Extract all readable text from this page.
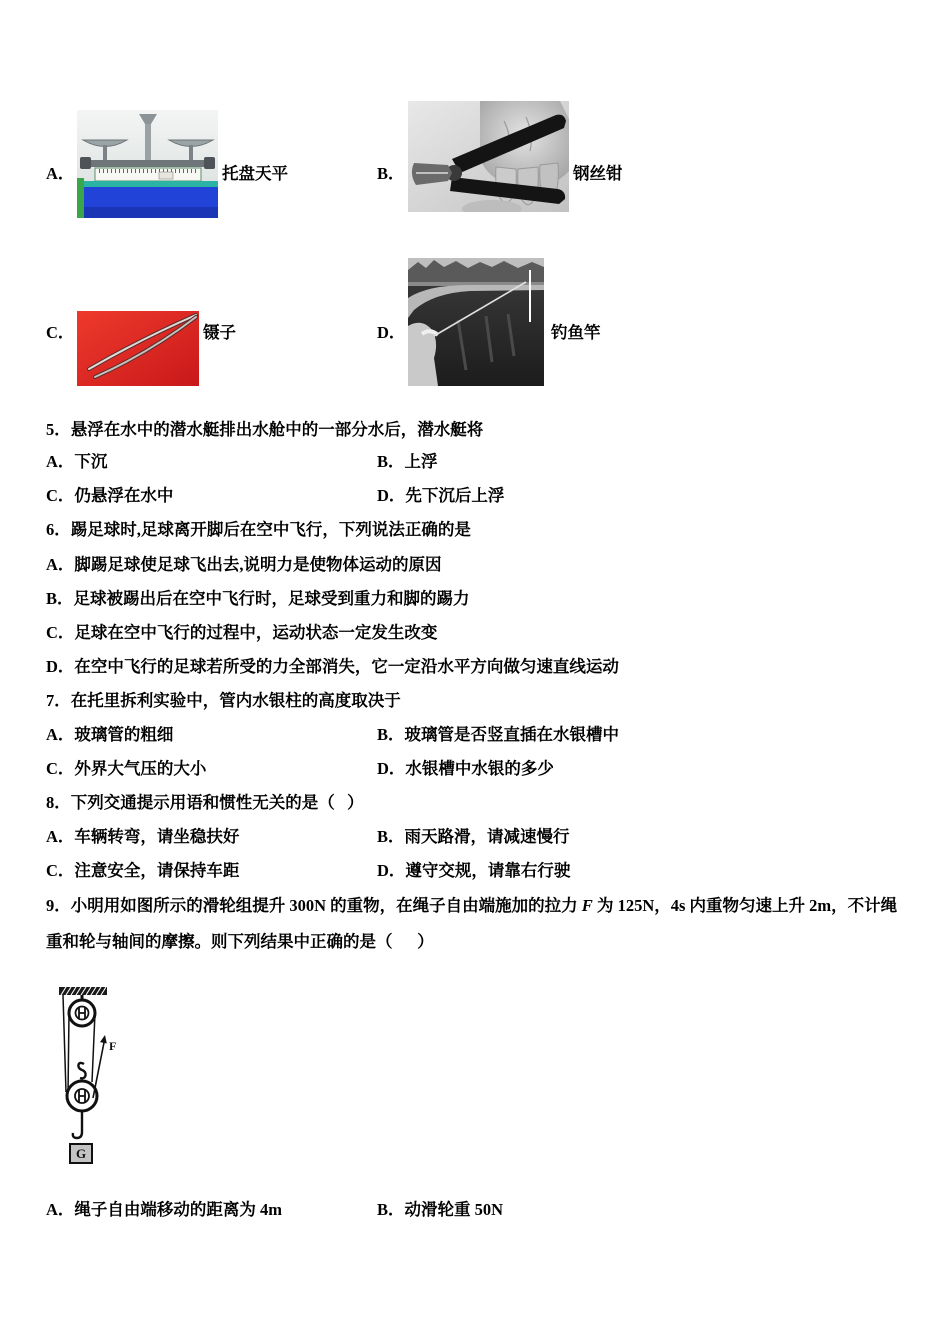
A．	托盘天平	B．	钢丝钳
C．	镊子	D．	钓鱼竿
5．悬浮在水中的潜水艇排出水舱中的一部分水后，潜水艇将
A． 下沉	B． 上浮
C． 仍悬浮在水中	D． 先下沉后上浮
6．踢足球时,足球离开脚后在空中飞行，下列说法正确的是
A． 脚踢足球使足球飞出去,说明力是使物体运动的原因
B． 足球被踢出后在空中飞行时，足球受到重力和脚的踢力
C． 足球在空中飞行的过程中，运动状态一定发生改变
D． 在空中飞行的足球若所受的力全部消失，它一定沿水平方向做匀速直线运动
7．在托里拆利实验中，管内水银柱的高度取决于
A． 玻璃管的粗细	B． 玻璃管是否竖直插在水银槽中
C． 外界大气压的大小	D． 水银槽中水银的多少
8．下列交通提示用语和惯性无关的是（   ）
A． 车辆转弯，请坐稳扶好	B． 雨天路滑，请减速慢行
C． 注意安全，请保持车距	D． 遵守交规，请靠右行驶
9．小明用如图所示的滑轮组提升 300N 的重物，在绳子自由端施加的拉力 F 为 125N，4s 内重物匀速上升 2m，不计绳
重和轮与轴间的摩擦。则下列结果中正确的是（      ）
F
G
A． 绳子自由端移动的距离为 4m	B． 动滑轮重 50N
